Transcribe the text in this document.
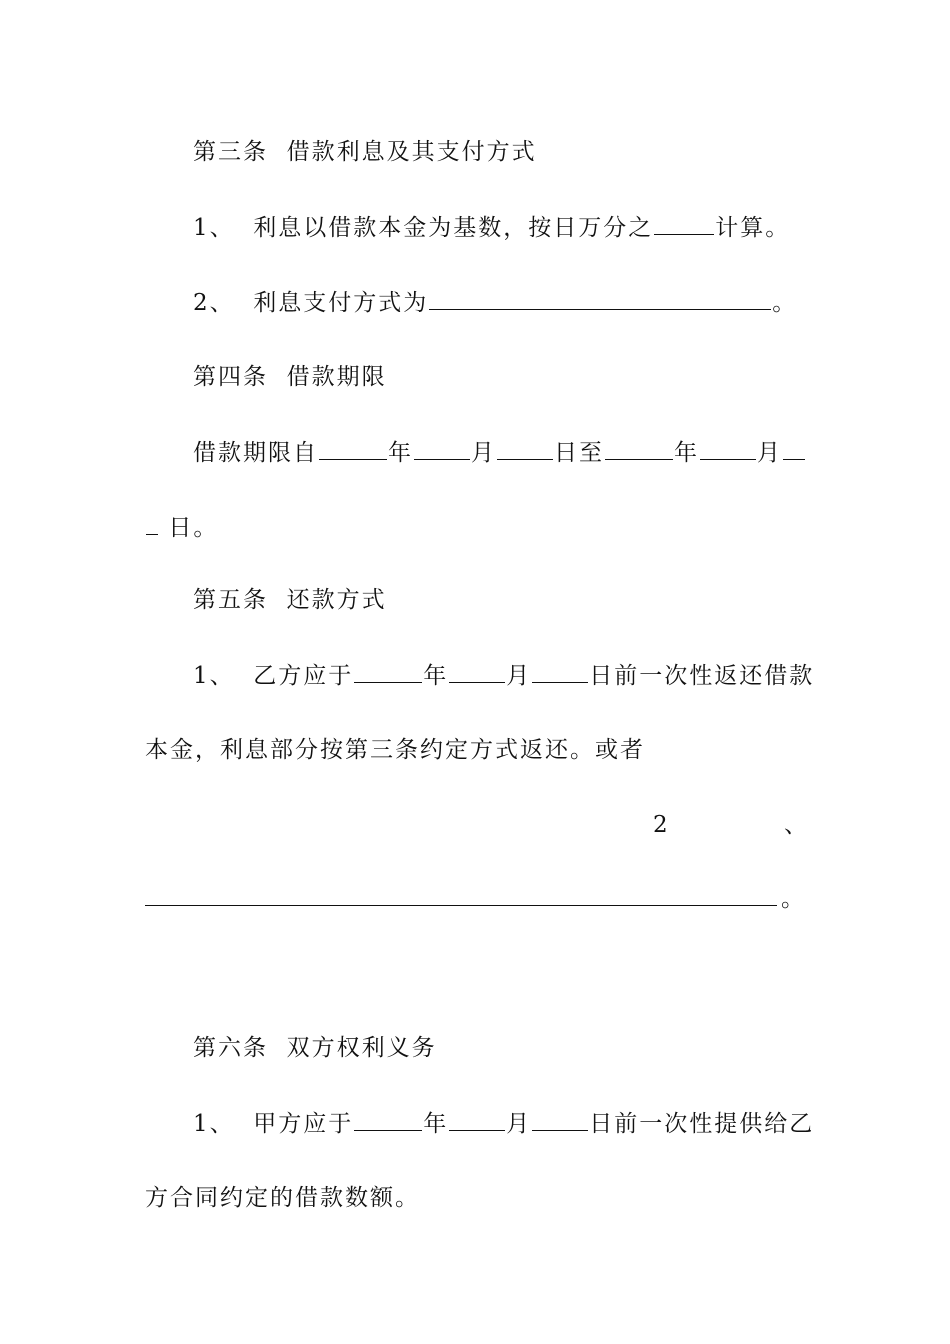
第三条  借款利息及其支付方式
1、 利息以借款本金为基数，按日万分之	计算。
2、 利息支付方式为	。
第四条  借款期限
借款期限自	年	月	日至	年	月
日。
第五条  还款方式
1、 乙方应于	年	月	日前一次性返还借款
本金，利息部分按第三条约定方式返还。或者
2	、
。
第六条  双方权利义务
1、 甲方应于	年	月	日前一次性提供给乙
方合同约定的借款数额。
